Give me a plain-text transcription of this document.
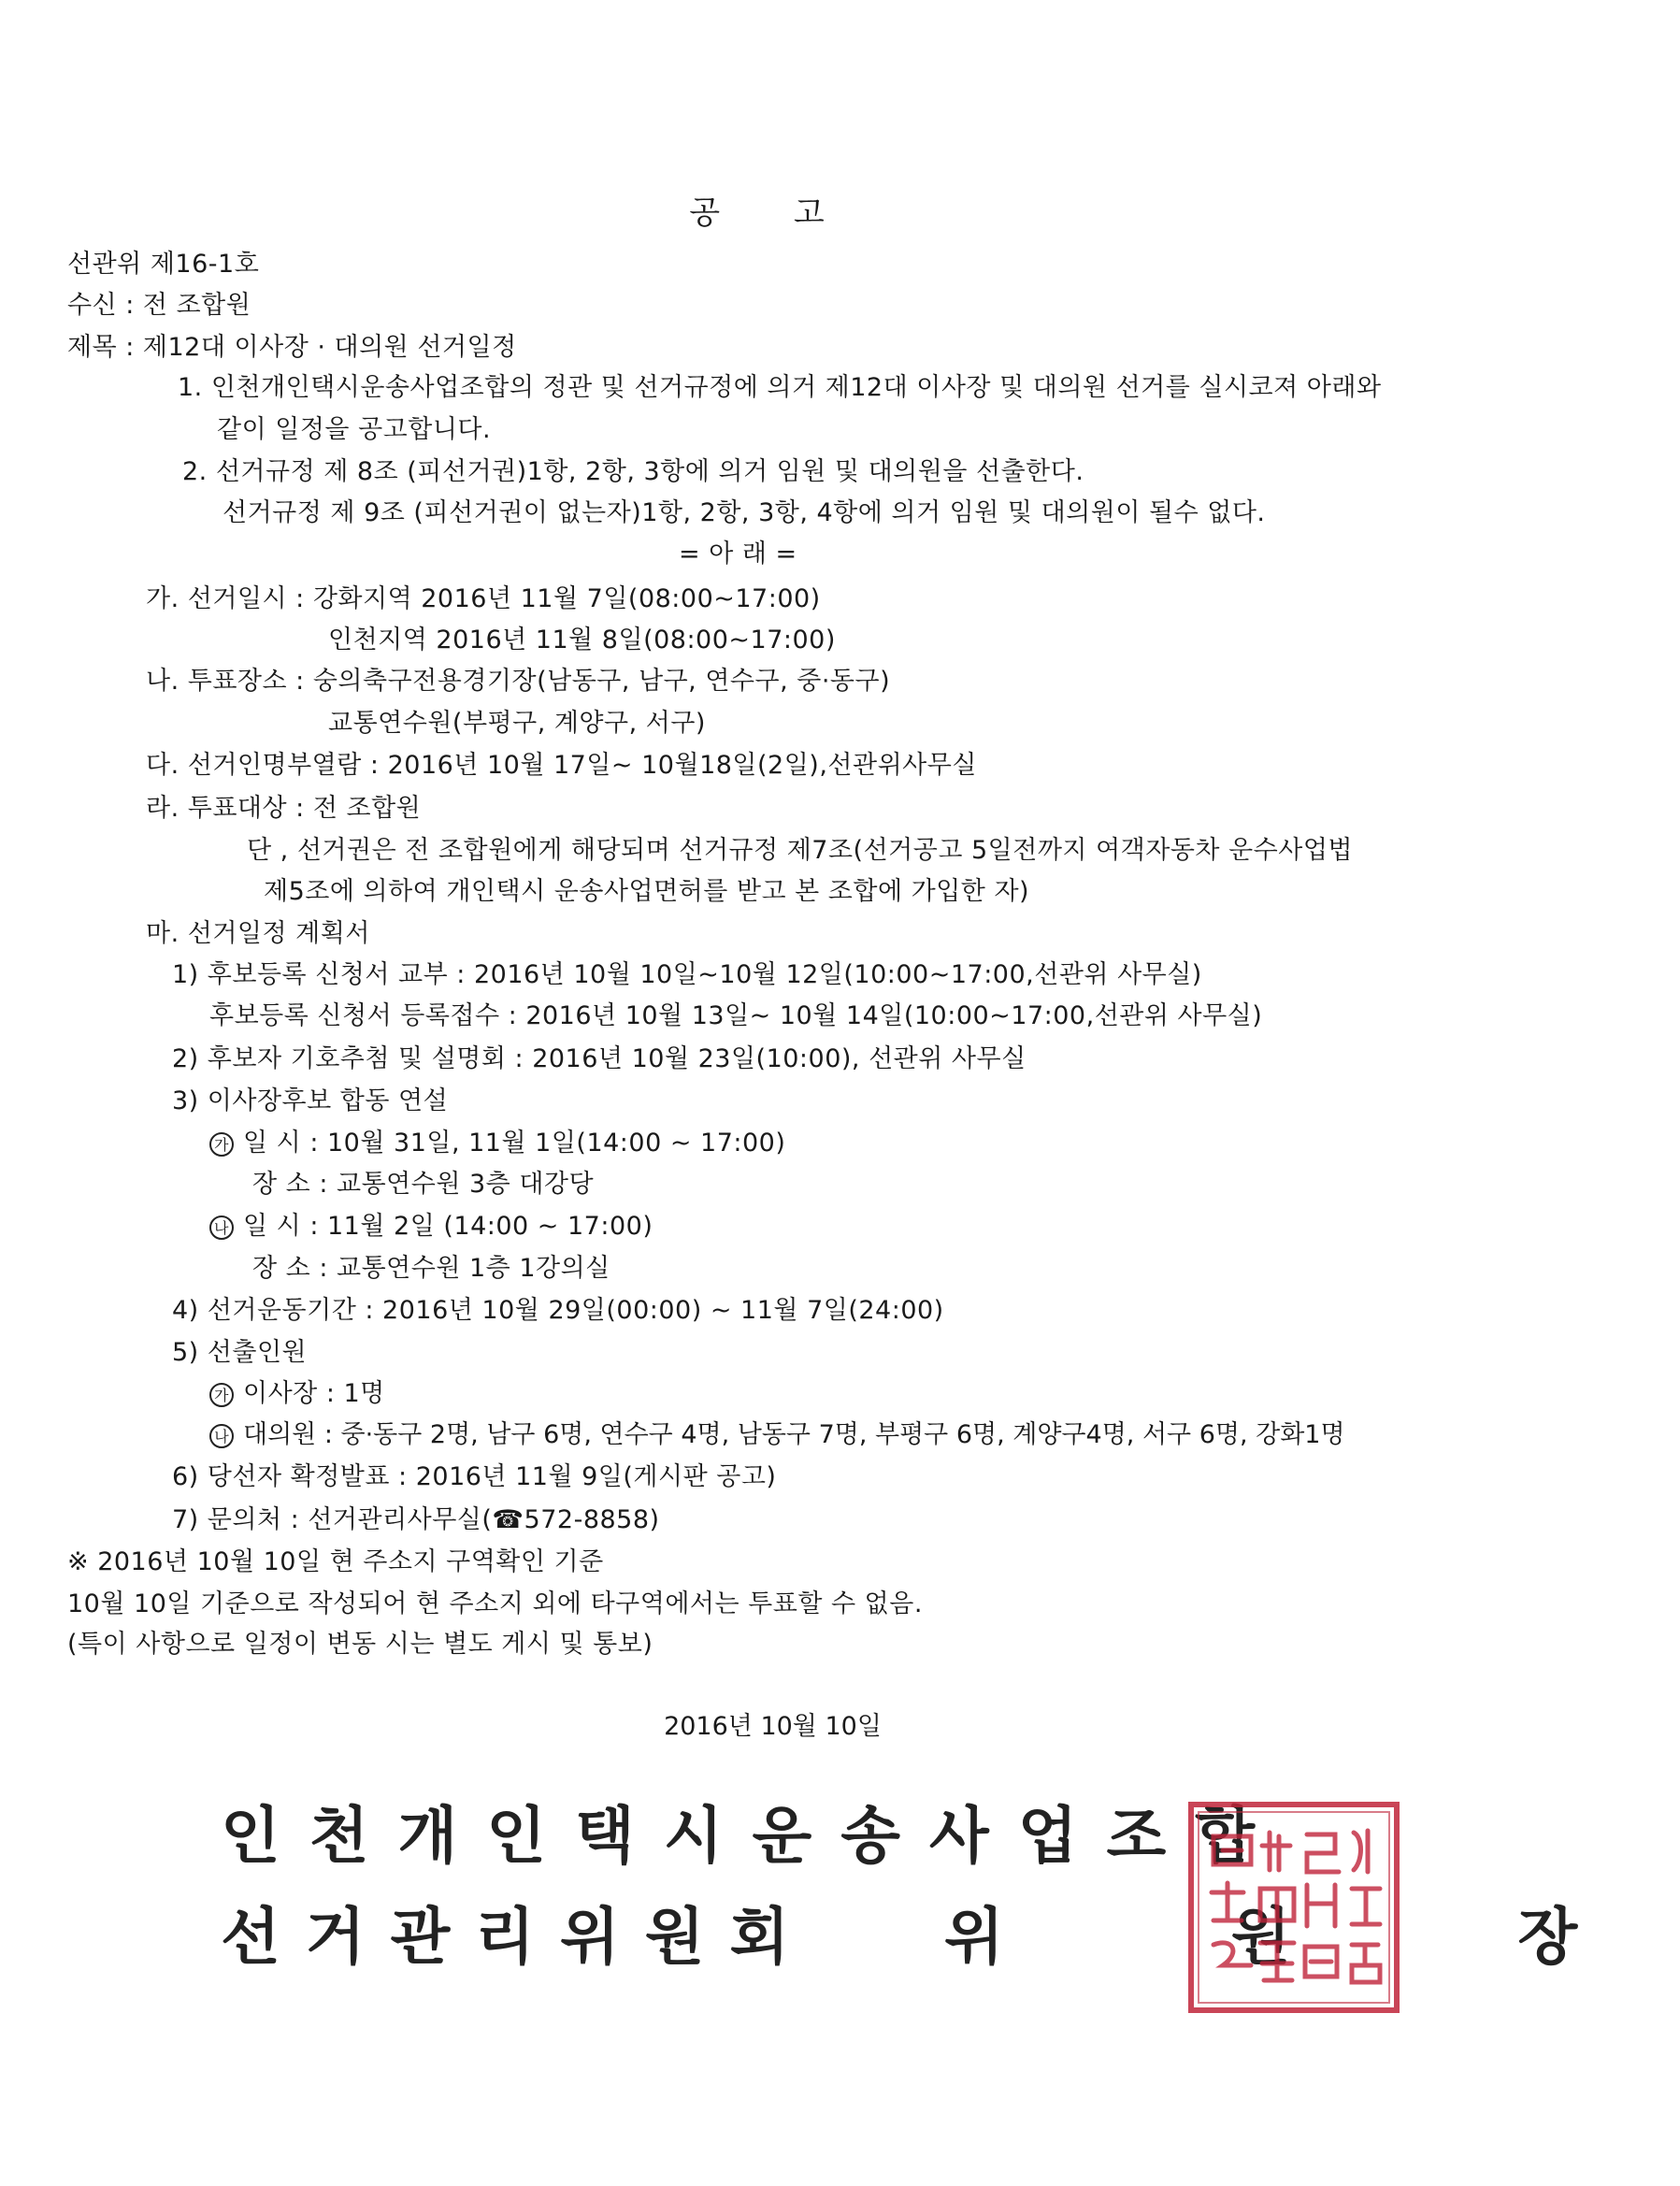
공 고
선관위 제16-1호
수신 : 전 조합원
제목 : 제12대 이사장 · 대의원 선거일정
1. 인천개인택시운송사업조합의 정관 및 선거규정에 의거 제12대 이사장 및 대의원 선거를 실시코져 아래와
같이 일정을 공고합니다.
2. 선거규정 제 8조 (피선거권)1항, 2항, 3항에 의거 임원 및 대의원을 선출한다.
선거규정 제 9조 (피선거권이 없는자)1항, 2항, 3항, 4항에 의거 임원 및 대의원이 될수 없다.
= 아 래 =
가. 선거일시 : 강화지역 2016년 11월 7일(08:00~17:00)
인천지역 2016년 11월 8일(08:00~17:00)
나. 투표장소 : 숭의축구전용경기장(남동구, 남구, 연수구, 중·동구)
교통연수원(부평구, 계양구, 서구)
다. 선거인명부열람 : 2016년 10월 17일~ 10월18일(2일),선관위사무실
라. 투표대상 : 전 조합원
단 , 선거권은 전 조합원에게 해당되며 선거규정 제7조(선거공고 5일전까지 여객자동차 운수사업법
제5조에 의하여 개인택시 운송사업면허를 받고 본 조합에 가입한 자)
마. 선거일정 계획서
1) 후보등록 신청서 교부 : 2016년 10월 10일~10월 12일(10:00~17:00,선관위 사무실)
후보등록 신청서 등록접수 : 2016년 10월 13일~ 10월 14일(10:00~17:00,선관위 사무실)
2) 후보자 기호추첨 및 설명회 : 2016년 10월 23일(10:00), 선관위 사무실
3) 이사장후보 합동 연설
가 일 시 : 10월 31일, 11월 1일(14:00 ~ 17:00)
장 소 : 교통연수원 3층 대강당
나 일 시 : 11월 2일 (14:00 ~ 17:00)
장 소 : 교통연수원 1층 1강의실
4) 선거운동기간 : 2016년 10월 29일(00:00) ~ 11월 7일(24:00)
5) 선출인원
가 이사장 : 1명
나 대의원 : 중·동구 2명, 남구 6명, 연수구 4명, 남동구 7명, 부평구 6명, 계양구4명, 서구 6명, 강화1명
6) 당선자 확정발표 : 2016년 11월 9일(게시판 공고)
7) 문의처 : 선거관리사무실(☎572-8858)
※ 2016년 10월 10일 현 주소지 구역확인 기준
10월 10일 기준으로 작성되어 현 주소지 외에 타구역에서는 투표할 수 없음.
(특이 사항으로 일정이 변동 시는 별도 게시 및 통보)
2016년 10월 10일
인천개인택시운송사업조합
선거관리위원회 위 원 장
